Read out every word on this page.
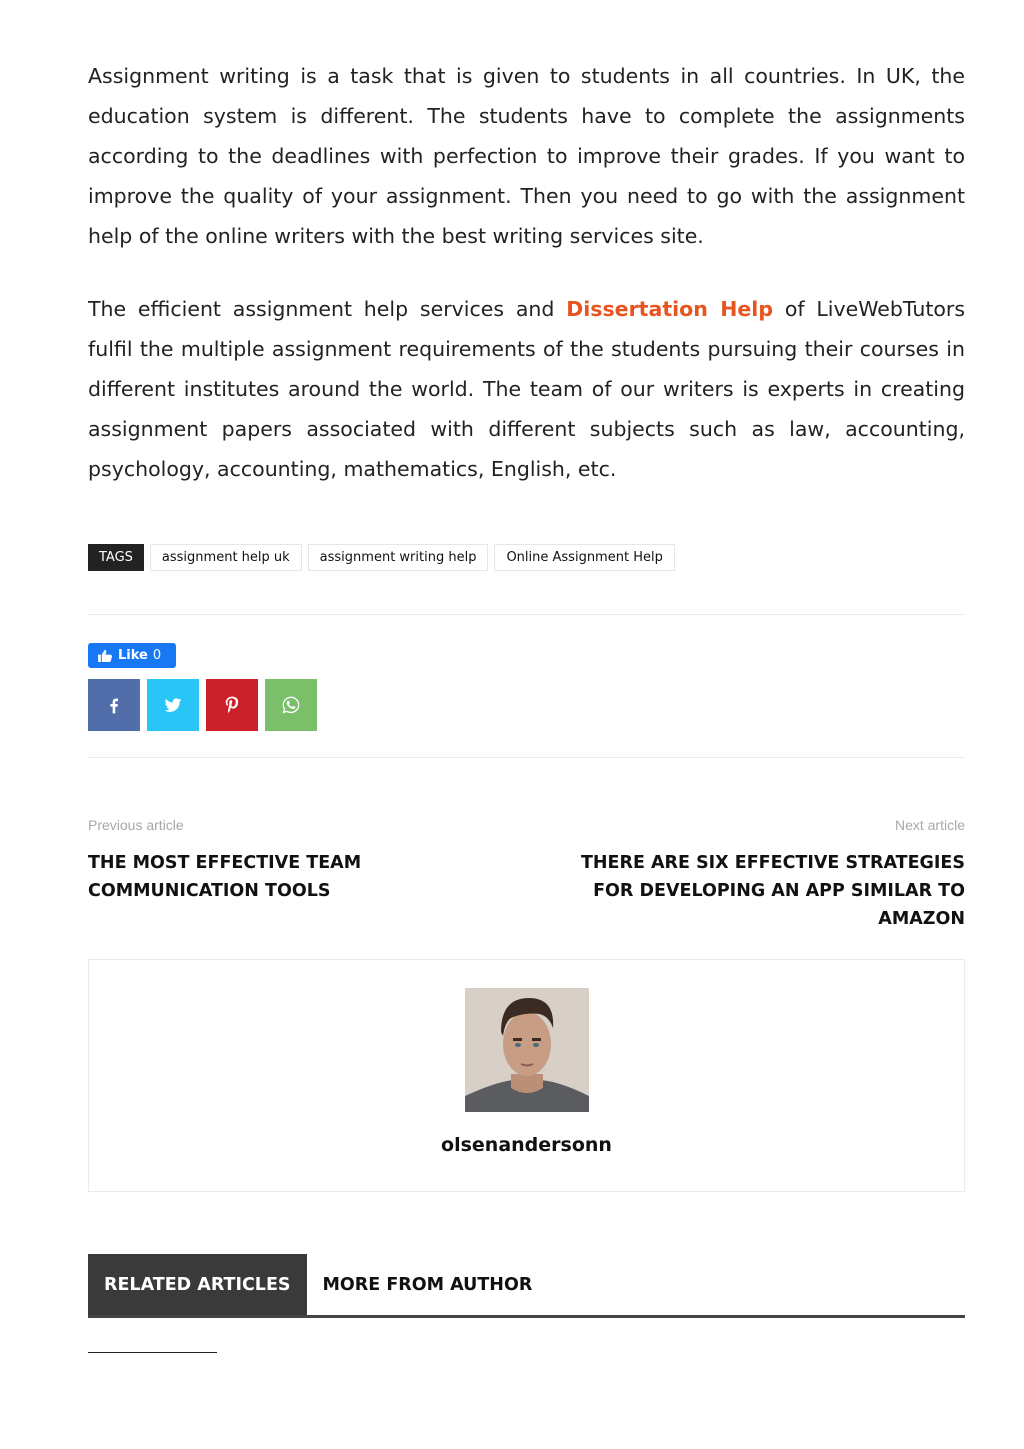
Assignment writing is a task that is given to students in all countries. In UK, the education system is different. The students have to complete the assignments according to the deadlines with perfection to improve their grades. If you want to improve the quality of your assignment. Then you need to go with the assignment help of the online writers with the best writing services site.

The efficient assignment help services and Dissertation Help of LiveWebTutors fulfil the multiple assignment requirements of the students pursuing their courses in different institutes around the world. The team of our writers is experts in creating assignment papers associated with different subjects such as law, accounting, psychology, accounting, mathematics, English, etc.

TAGS	assignment help uk	assignment writing help	Online Assignment Help
Like 0
Previous article	Next article
THE MOST EFFECTIVE TEAM COMMUNICATION TOOLS
THERE ARE SIX EFFECTIVE STRATEGIES FOR DEVELOPING AN APP SIMILAR TO AMAZON
olsenandersonn
RELATED ARTICLES	MORE FROM AUTHOR
